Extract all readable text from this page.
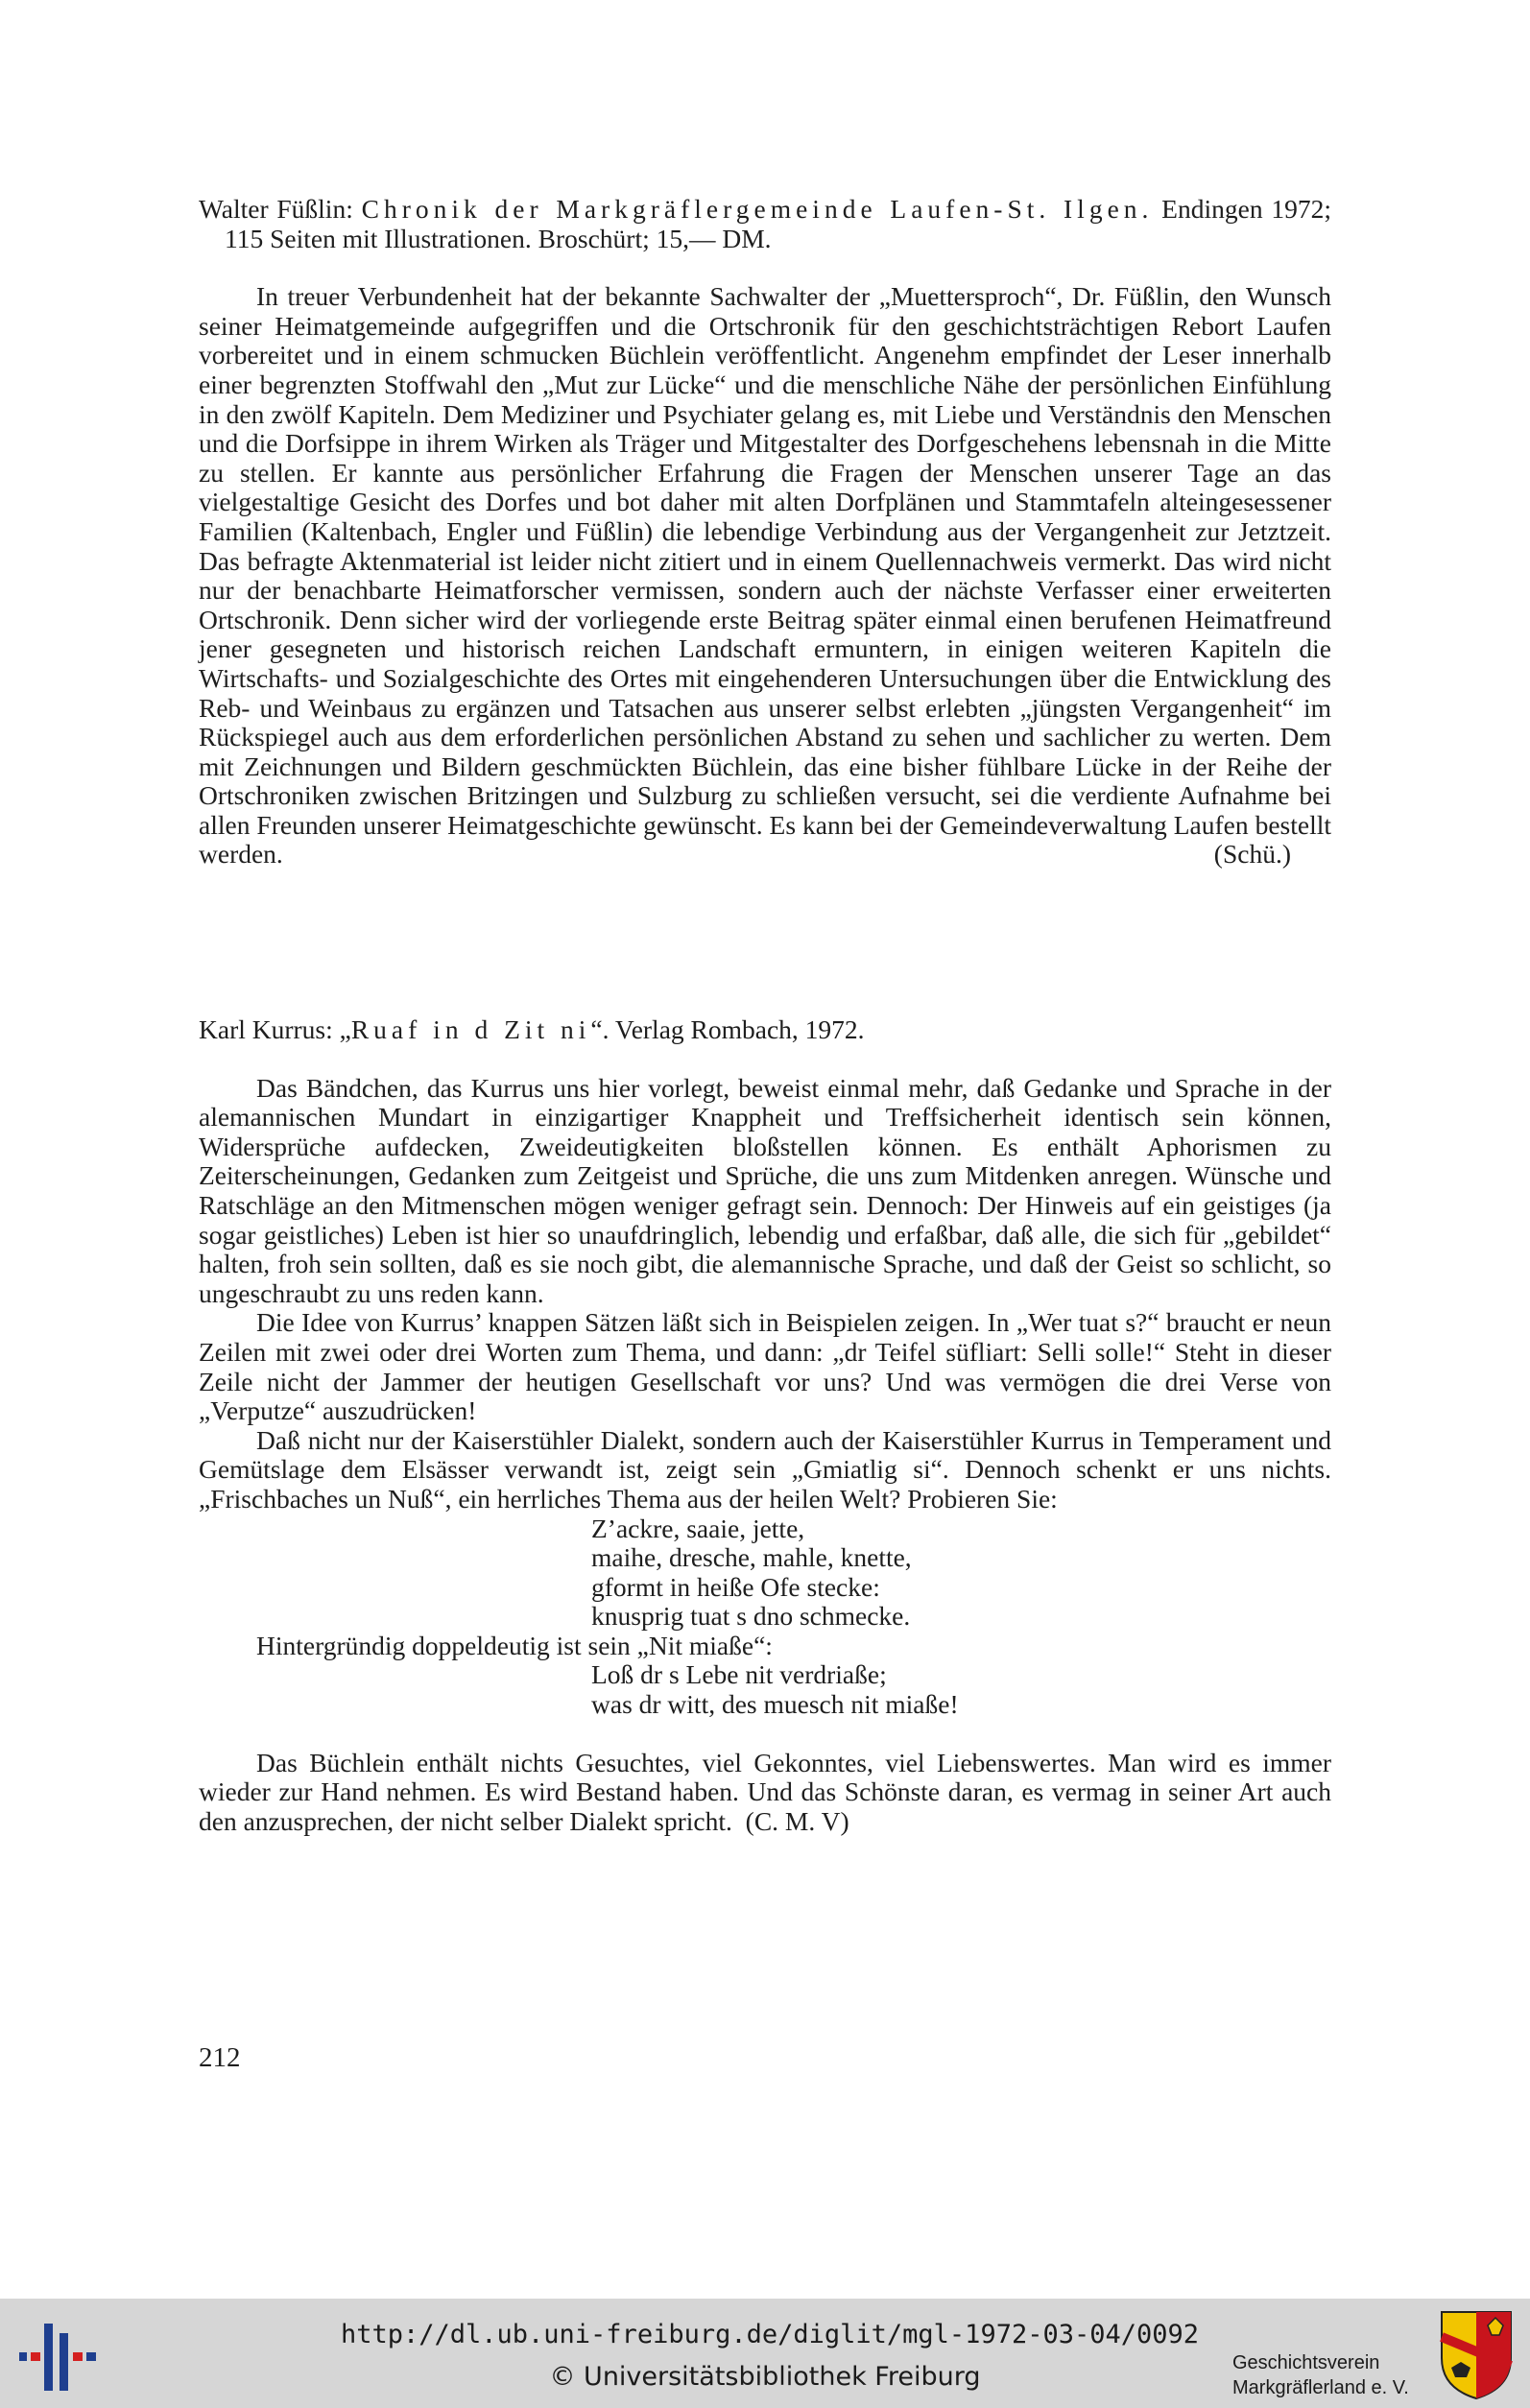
Walter Füßlin: Chronik der Markgräflergemeinde Laufen-St. Ilgen. Endingen 1972; 115 Seiten mit Illustrationen. Broschürt; 15,— DM.

In treuer Verbundenheit hat der bekannte Sachwalter der „Muettersproch“, Dr. Füßlin, den Wunsch seiner Heimatgemeinde aufgegriffen und die Ortschronik für den geschichtsträchtigen Rebort Laufen vorbereitet und in einem schmucken Büchlein veröffentlicht. Angenehm empfindet der Leser innerhalb einer begrenzten Stoffwahl den „Mut zur Lücke“ und die menschliche Nähe der persönlichen Einfühlung in den zwölf Kapiteln. Dem Mediziner und Psychiater gelang es, mit Liebe und Verständnis den Menschen und die Dorfsippe in ihrem Wirken als Träger und Mitgestalter des Dorfgeschehens lebensnah in die Mitte zu stellen. Er kannte aus persönlicher Erfahrung die Fragen der Menschen unserer Tage an das vielgestaltige Gesicht des Dorfes und bot daher mit alten Dorfplänen und Stammtafeln alteingesessener Familien (Kaltenbach, Engler und Füßlin) die lebendige Verbindung aus der Vergangenheit zur Jetztzeit. Das befragte Aktenmaterial ist leider nicht zitiert und in einem Quellennachweis vermerkt. Das wird nicht nur der benachbarte Heimatforscher vermissen, sondern auch der nächste Verfasser einer erweiterten Ortschronik. Denn sicher wird der vorliegende erste Beitrag später einmal einen berufenen Heimatfreund jener gesegneten und historisch reichen Landschaft ermuntern, in einigen weiteren Kapiteln die Wirtschafts- und Sozialgeschichte des Ortes mit eingehenderen Untersuchungen über die Entwicklung des Reb- und Weinbaus zu ergänzen und Tatsachen aus unserer selbst erlebten „jüngsten Vergangenheit“ im Rückspiegel auch aus dem erforderlichen persönlichen Abstand zu sehen und sachlicher zu werten. Dem mit Zeichnungen und Bildern geschmückten Büchlein, das eine bisher fühlbare Lücke in der Reihe der Ortschroniken zwischen Britzingen und Sulzburg zu schließen versucht, sei die verdiente Aufnahme bei allen Freunden unserer Heimatgeschichte gewünscht. Es kann bei der Gemeindeverwaltung Laufen bestellt werden.	(Schü.)

Karl Kurrus: „Ruaf in d Zit ni“. Verlag Rombach, 1972.

Das Bändchen, das Kurrus uns hier vorlegt, beweist einmal mehr, daß Gedanke und Sprache in der alemannischen Mundart in einzigartiger Knappheit und Treffsicherheit identisch sein können, Widersprüche aufdecken, Zweideutigkeiten bloßstellen können. Es enthält Aphorismen zu Zeiterscheinungen, Gedanken zum Zeitgeist und Sprüche, die uns zum Mitdenken anregen. Wünsche und Ratschläge an den Mitmenschen mögen weniger gefragt sein. Dennoch: Der Hinweis auf ein geistiges (ja sogar geistliches) Leben ist hier so unaufdringlich, lebendig und erfaßbar, daß alle, die sich für „gebildet“ halten, froh sein sollten, daß es sie noch gibt, die alemannische Sprache, und daß der Geist so schlicht, so ungeschraubt zu uns reden kann.

Die Idee von Kurrus’ knappen Sätzen läßt sich in Beispielen zeigen. In „Wer tuat s?“ braucht er neun Zeilen mit zwei oder drei Worten zum Thema, und dann: „dr Teifel süfliart: Selli solle!“ Steht in dieser Zeile nicht der Jammer der heutigen Gesellschaft vor uns? Und was vermögen die drei Verse von „Verputze“ auszudrücken!

Daß nicht nur der Kaiserstühler Dialekt, sondern auch der Kaiserstühler Kurrus in Temperament und Gemütslage dem Elsässer verwandt ist, zeigt sein „Gmiatlig si“. Dennoch schenkt er uns nichts. „Frischbaches un Nuß“, ein herrliches Thema aus der heilen Welt? Probieren Sie:

Z’ackre, saaie, jette,
maihe, dresche, mahle, knette,
gformt in heiße Ofe stecke:
knusprig tuat s dno schmecke.

Hintergründig doppeldeutig ist sein „Nit miaße“:

Loß dr s Lebe nit verdriaße;
was dr witt, des muesch nit miaße!

Das Büchlein enthält nichts Gesuchtes, viel Gekonntes, viel Liebenswertes. Man wird es immer wieder zur Hand nehmen. Es wird Bestand haben. Und das Schönste daran, es vermag in seiner Art auch den anzusprechen, der nicht selber Dialekt spricht. (C. M. V)

212
http://dl.ub.uni-freiburg.de/diglit/mgl-1972-03-04/0092
© Universitätsbibliothek Freiburg	Geschichtsverein
Markgräflerland e. V.
